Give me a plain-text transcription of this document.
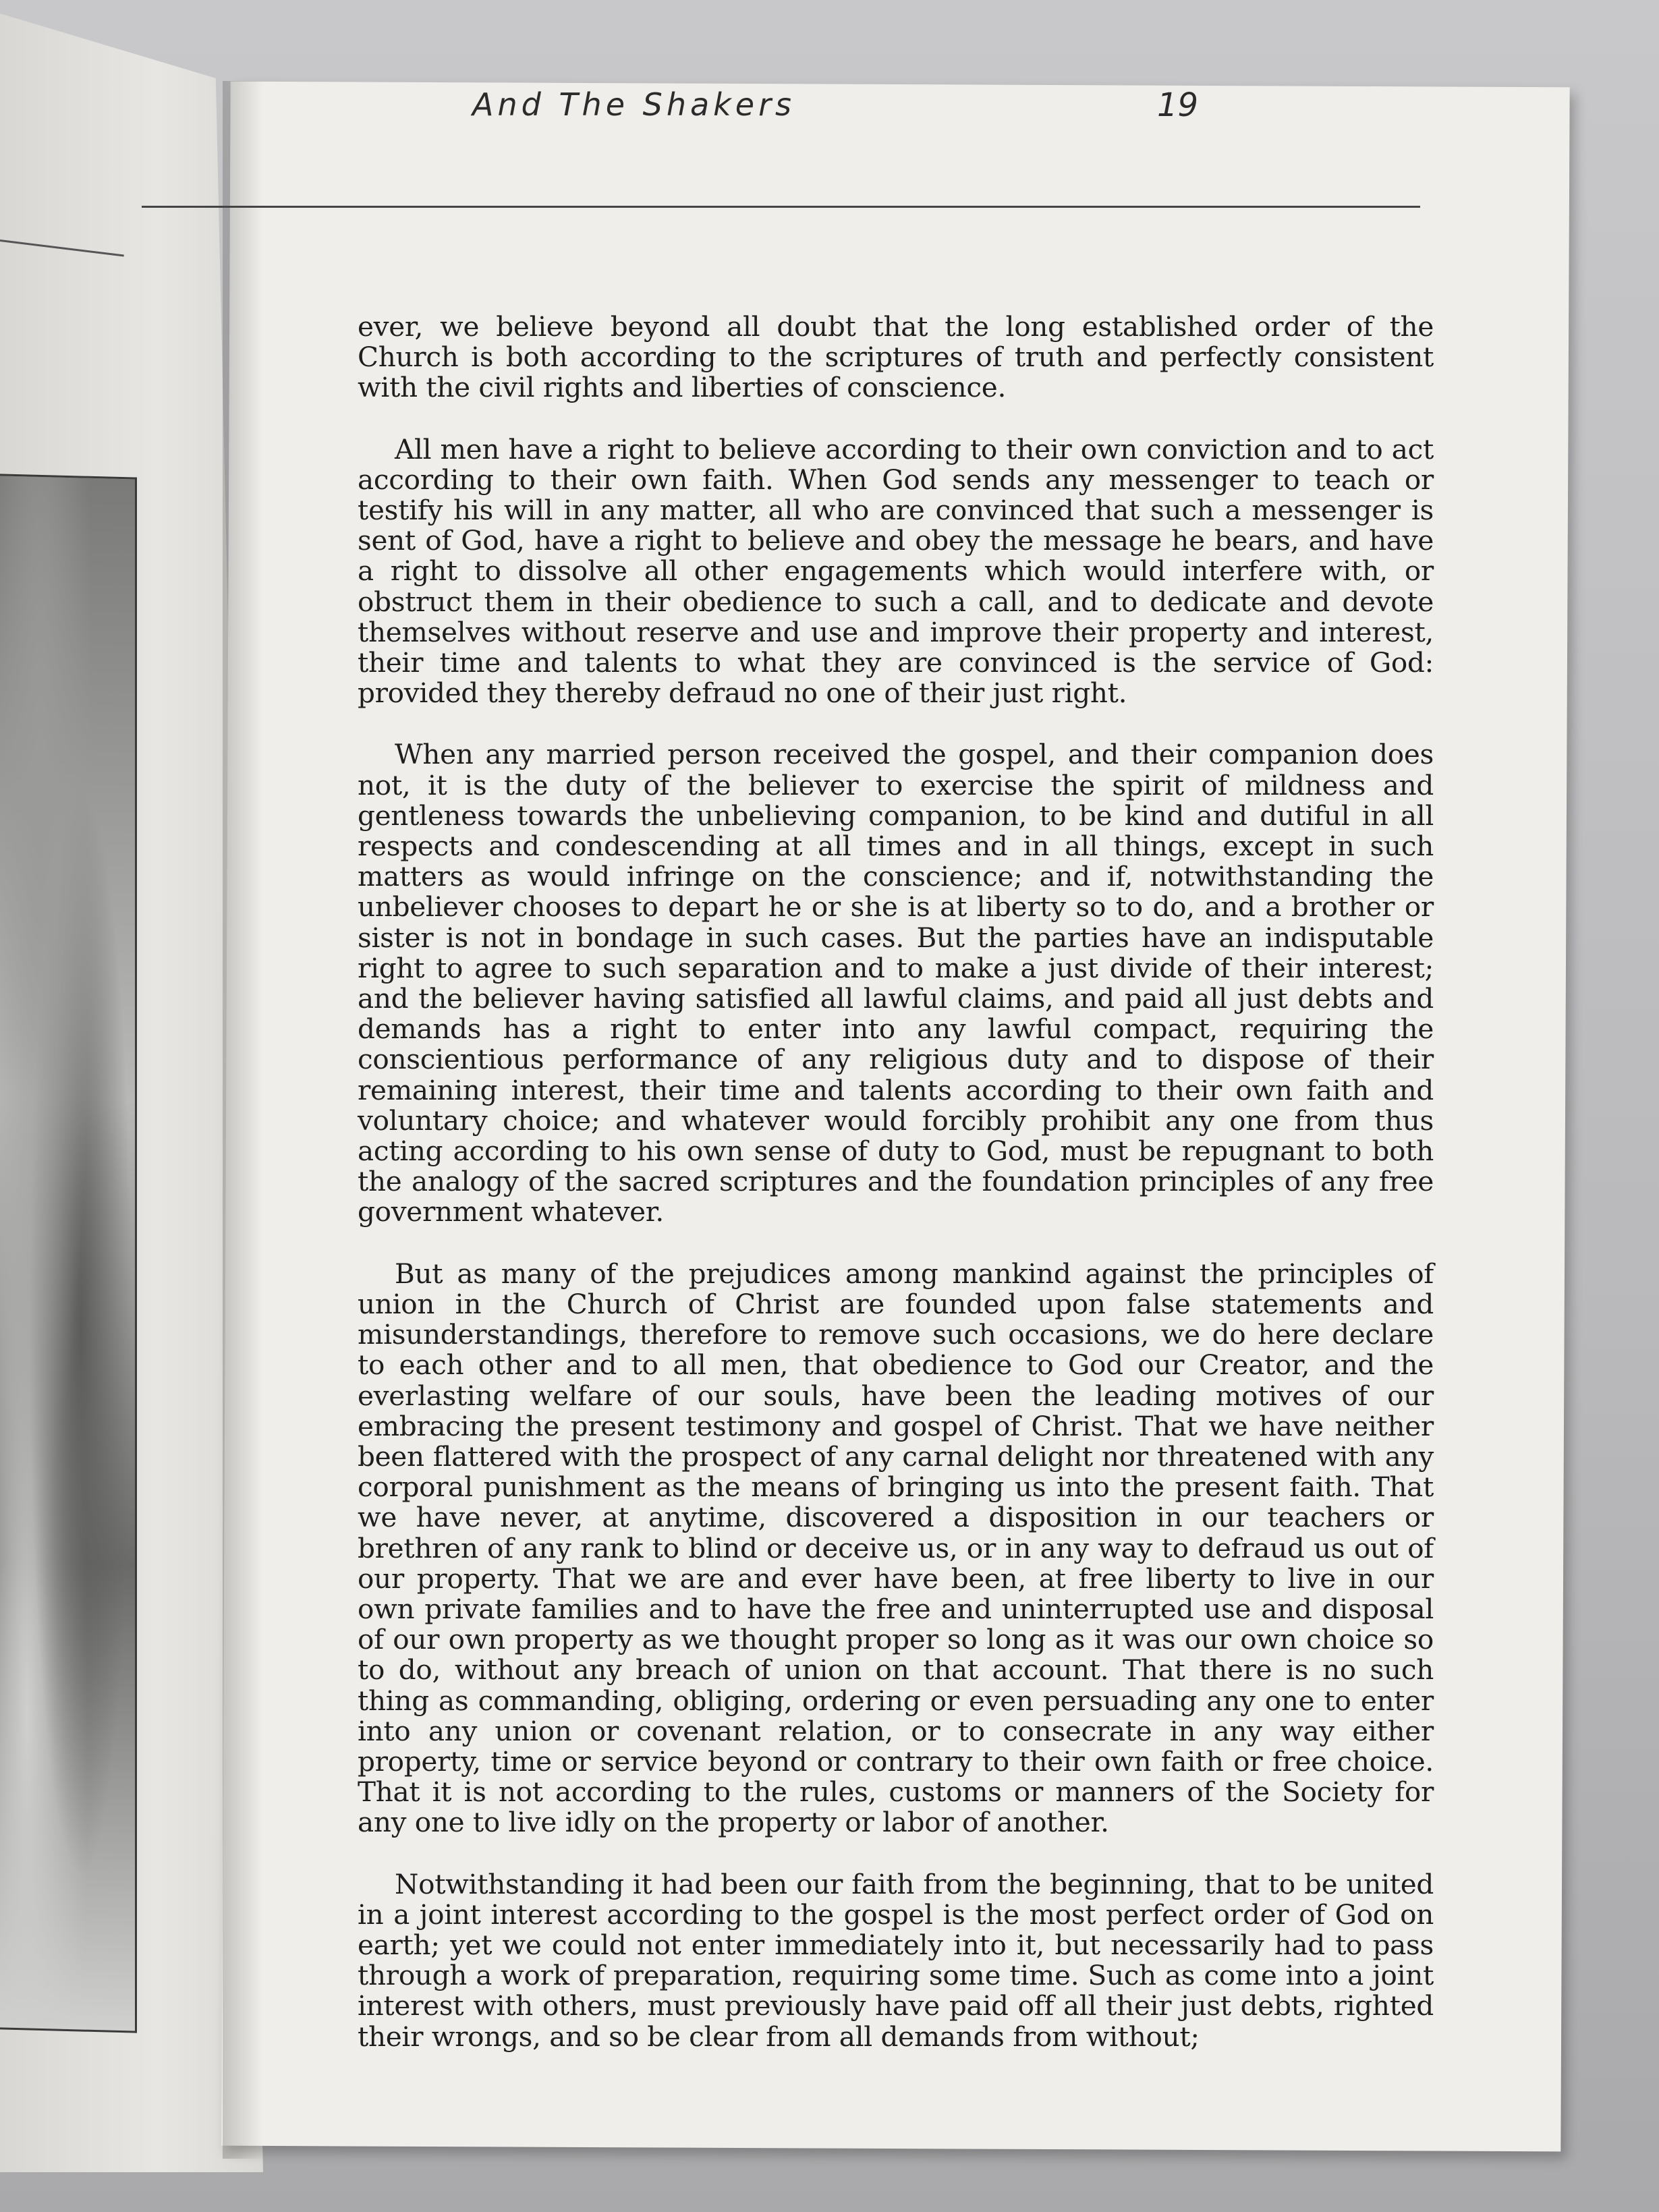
And The Shakers	19

ever, we believe beyond all doubt that the long established order of the Church is both according to the scriptures of truth and perfectly consistent with the civil rights and liberties of conscience.

All men have a right to believe according to their own conviction and to act according to their own faith. When God sends any messenger to teach or testify his will in any matter, all who are convinced that such a messenger is sent of God, have a right to believe and obey the message he bears, and have a right to dissolve all other engagements which would interfere with, or obstruct them in their obedience to such a call, and to dedicate and devote themselves without reserve and use and improve their property and interest, their time and talents to what they are convinced is the service of God: provided they thereby defraud no one of their just right.

When any married person received the gospel, and their companion does not, it is the duty of the believer to exercise the spirit of mildness and gentleness towards the unbelieving companion, to be kind and dutiful in all respects and condescending at all times and in all things, except in such matters as would infringe on the conscience; and if, notwithstanding the unbeliever chooses to depart he or she is at liberty so to do, and a brother or sister is not in bondage in such cases. But the parties have an indisputable right to agree to such separation and to make a just divide of their interest; and the believer having satisfied all lawful claims, and paid all just debts and demands has a right to enter into any lawful compact, requiring the conscientious performance of any religious duty and to dispose of their remaining interest, their time and talents according to their own faith and voluntary choice; and whatever would forcibly prohibit any one from thus acting according to his own sense of duty to God, must be repugnant to both the analogy of the sacred scriptures and the foundation principles of any free government whatever.

But as many of the prejudices among mankind against the principles of union in the Church of Christ are founded upon false statements and misunderstandings, therefore to remove such occasions, we do here declare to each other and to all men, that obedience to God our Creator, and the everlasting welfare of our souls, have been the leading motives of our embracing the present testimony and gospel of Christ. That we have neither been flattered with the prospect of any carnal delight nor threatened with any corporal punishment as the means of bringing us into the present faith. That we have never, at anytime, discovered a disposition in our teachers or brethren of any rank to blind or deceive us, or in any way to defraud us out of our property. That we are and ever have been, at free liberty to live in our own private families and to have the free and uninterrupted use and disposal of our own property as we thought proper so long as it was our own choice so to do, without any breach of union on that account. That there is no such thing as commanding, obliging, ordering or even persuading any one to enter into any union or covenant relation, or to consecrate in any way either property, time or service beyond or contrary to their own faith or free choice. That it is not according to the rules, customs or manners of the Society for any one to live idly on the property or labor of another.

Notwithstanding it had been our faith from the beginning, that to be united in a joint interest according to the gospel is the most perfect order of God on earth; yet we could not enter immediately into it, but necessarily had to pass through a work of preparation, requiring some time. Such as come into a joint interest with others, must previously have paid off all their just debts, righted their wrongs, and so be clear from all demands from without;
